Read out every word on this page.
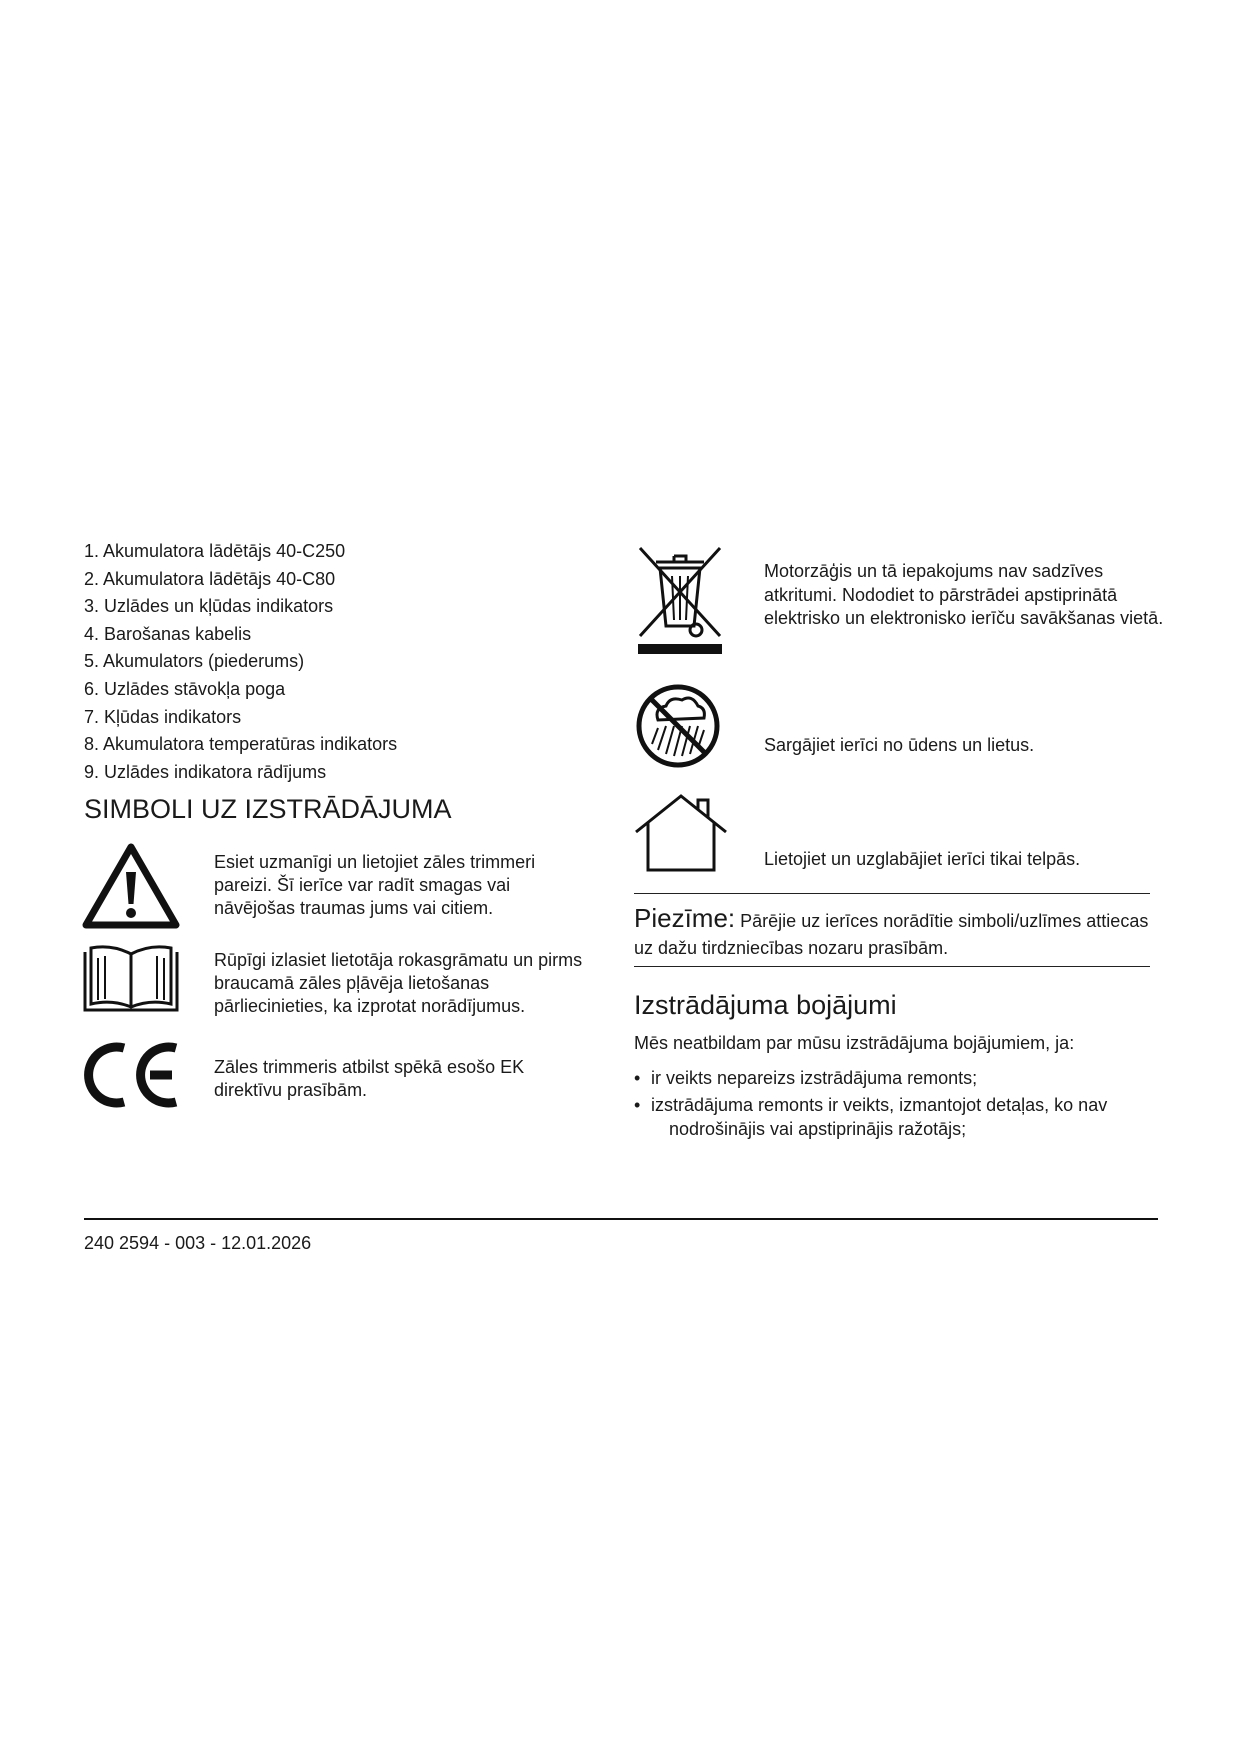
1. Akumulatora lādētājs 40-C250
2. Akumulatora lādētājs 40-C80
3. Uzlādes un kļūdas indikators
4. Barošanas kabelis
5. Akumulators (piederums)
6. Uzlādes stāvokļa poga
7. Kļūdas indikators
8. Akumulatora temperatūras indikators
9. Uzlādes indikatora rādījums
SIMBOLI UZ IZSTRĀDĀJUMA

Esiet uzmanīgi un lietojiet zāles trimmeri pareizi. Šī ierīce var radīt smagas vai nāvējošas traumas jums vai citiem.

Rūpīgi izlasiet lietotāja rokasgrāmatu un pirms braucamā zāles pļāvēja lietošanas pārliecinieties, ka izprotat norādījumus.

Zāles trimmeris atbilst spēkā esošo EK direktīvu prasībām.

Motorzāģis un tā iepakojums nav sadzīves atkritumi. Nododiet to pārstrādei apstiprinātā elektrisko un elektronisko ierīču savākšanas vietā.

Sargājiet ierīci no ūdens un lietus.

Lietojiet un uzglabājiet ierīci tikai telpās.

Piezīme: Pārējie uz ierīces norādītie simboli/uzlīmes attiecas uz dažu tirdzniecības nozaru prasībām.

Izstrādājuma bojājumi

Mēs neatbildam par mūsu izstrādājuma bojājumiem, ja:

• ir veikts nepareizs izstrādājuma remonts;
• izstrādājuma remonts ir veikts, izmantojot detaļas, ko nav nodrošinājis vai apstiprinājis ražotājs;

240 2594 - 003 - 12.01.2026
